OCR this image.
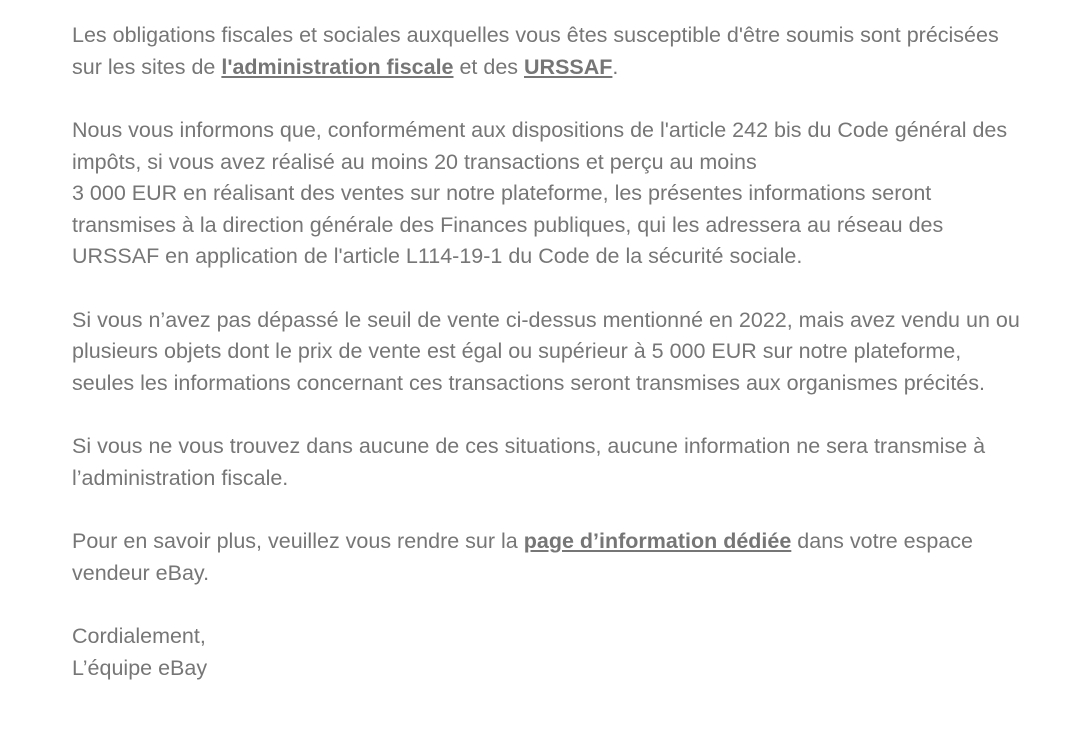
Les obligations fiscales et sociales auxquelles vous êtes susceptible d'être soumis sont précisées sur les sites de l'administration fiscale et des URSSAF.

Nous vous informons que, conformément aux dispositions de l'article 242 bis du Code général des impôts, si vous avez réalisé au moins 20 transactions et perçu au moins
3 000 EUR en réalisant des ventes sur notre plateforme, les présentes informations seront transmises à la direction générale des Finances publiques, qui les adressera au réseau des URSSAF en application de l'article L114-19-1 du Code de la sécurité sociale.

Si vous n’avez pas dépassé le seuil de vente ci-dessus mentionné en 2022, mais avez vendu un ou plusieurs objets dont le prix de vente est égal ou supérieur à 5 000 EUR sur notre plateforme, seules les informations concernant ces transactions seront transmises aux organismes précités.

Si vous ne vous trouvez dans aucune de ces situations, aucune information ne sera transmise à l’administration fiscale.

Pour en savoir plus, veuillez vous rendre sur la page d’information dédiée dans votre espace vendeur eBay.

Cordialement,
L’équipe eBay
